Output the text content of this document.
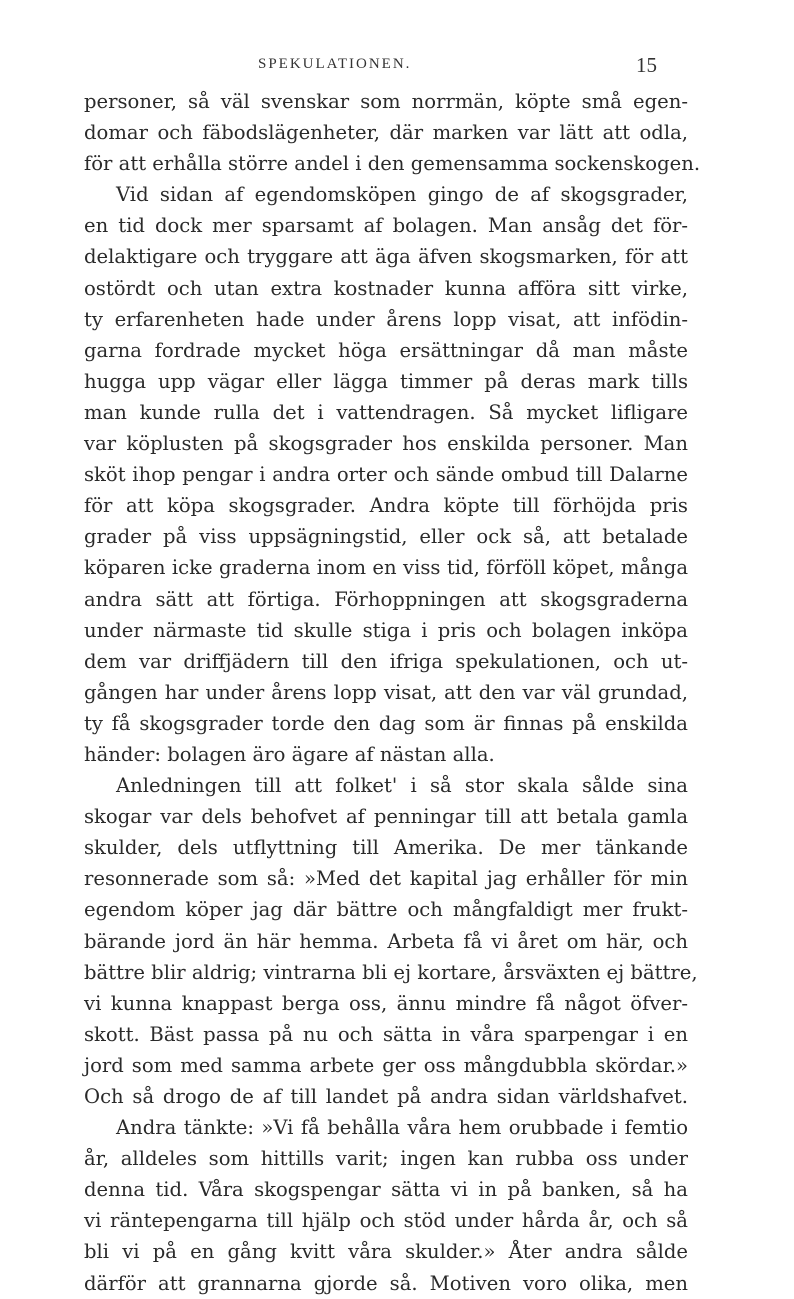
SPEKULATIONEN.	15
personer, så väl svenskar som norrmän, köpte små egen-
domar och fäbodslägenheter, där marken var lätt att odla,
för att erhålla större andel i den gemensamma sockenskogen.
Vid sidan af egendomsköpen gingo de af skogsgrader,
en tid dock mer sparsamt af bolagen. Man ansåg det för-
delaktigare och tryggare att äga äfven skogsmarken, för att
ostördt och utan extra kostnader kunna afföra sitt virke,
ty erfarenheten hade under årens lopp visat, att infödin-
garna fordrade mycket höga ersättningar då man måste
hugga upp vägar eller lägga timmer på deras mark tills
man kunde rulla det i vattendragen. Så mycket lifligare
var köplusten på skogsgrader hos enskilda personer. Man
sköt ihop pengar i andra orter och sände ombud till Dalarne
för att köpa skogsgrader. Andra köpte till förhöjda pris
grader på viss uppsägningstid, eller ock så, att betalade
köparen icke graderna inom en viss tid, förföll köpet, många
andra sätt att förtiga. Förhoppningen att skogsgraderna
under närmaste tid skulle stiga i pris och bolagen inköpa
dem var driffjädern till den ifriga spekulationen, och ut-
gången har under årens lopp visat, att den var väl grundad,
ty få skogsgrader torde den dag som är finnas på enskilda
händer: bolagen äro ägare af nästan alla.
Anledningen till att folket' i så stor skala sålde sina
skogar var dels behofvet af penningar till att betala gamla
skulder, dels utflyttning till Amerika. De mer tänkande
resonnerade som så: »Med det kapital jag erhåller för min
egendom köper jag där bättre och mångfaldigt mer frukt-
bärande jord än här hemma. Arbeta få vi året om här, och
bättre blir aldrig; vintrarna bli ej kortare, årsväxten ej bättre,
vi kunna knappast berga oss, ännu mindre få något öfver-
skott. Bäst passa på nu och sätta in våra sparpengar i en
jord som med samma arbete ger oss mångdubbla skördar.»
Och så drogo de af till landet på andra sidan världshafvet.
Andra tänkte: »Vi få behålla våra hem orubbade i femtio
år, alldeles som hittills varit; ingen kan rubba oss under
denna tid. Våra skogspengar sätta vi in på banken, så ha
vi räntepengarna till hjälp och stöd under hårda år, och så
bli vi på en gång kvitt våra skulder.» Åter andra sålde
därför att grannarna gjorde så. Motiven voro olika, men
